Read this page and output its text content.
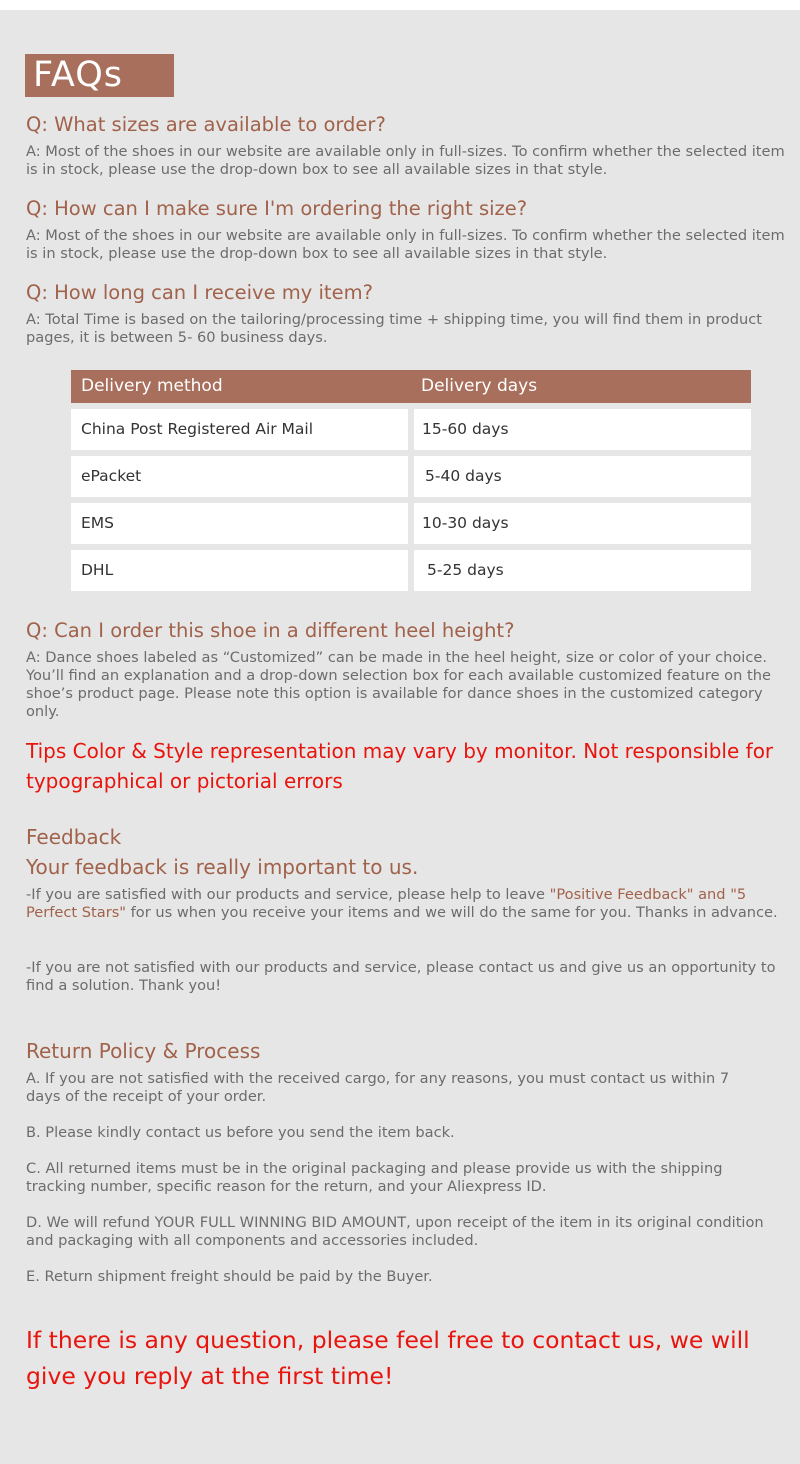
FAQs
Q: What sizes are available to order?
A: Most of the shoes in our website are available only in full-sizes. To confirm whether the selected item is in stock, please use the drop-down box to see all available sizes in that style.
Q: How can I make sure I'm ordering the right size?
A: Most of the shoes in our website are available only in full-sizes. To confirm whether the selected item is in stock, please use the drop-down box to see all available sizes in that style.
Q: How long can I receive my item?
A: Total Time is based on the tailoring/processing time + shipping time, you will find them in product pages, it is between 5- 60 business days.
Delivery method	Delivery days
China Post Registered Air Mail	15-60 days
ePacket	5-40 days
EMS	10-30 days
DHL	5-25 days
Q: Can I order this shoe in a different heel height?
A: Dance shoes labeled as “Customized” can be made in the heel height, size or color of your choice. You’ll find an explanation and a drop-down selection box for each available customized feature on the shoe’s product page. Please note this option is available for dance shoes in the customized category only.
Tips Color & Style representation may vary by monitor. Not responsible for typographical or pictorial errors
Feedback
Your feedback is really important to us.
-If you are satisfied with our products and service, please help to leave "Positive Feedback" and "5 Perfect Stars" for us when you receive your items and we will do the same for you. Thanks in advance.
-If you are not satisfied with our products and service, please contact us and give us an opportunity to find a solution. Thank you!
Return Policy & Process
A. If you are not satisfied with the received cargo, for any reasons, you must contact us within 7 days of the receipt of your order.
B. Please kindly contact us before you send the item back.
C. All returned items must be in the original packaging and please provide us with the shipping tracking number, specific reason for the return, and your Aliexpress ID.
D. We will refund YOUR FULL WINNING BID AMOUNT, upon receipt of the item in its original condition and packaging with all components and accessories included.
E. Return shipment freight should be paid by the Buyer.
If there is any question, please feel free to contact us, we will give you reply at the first time!
